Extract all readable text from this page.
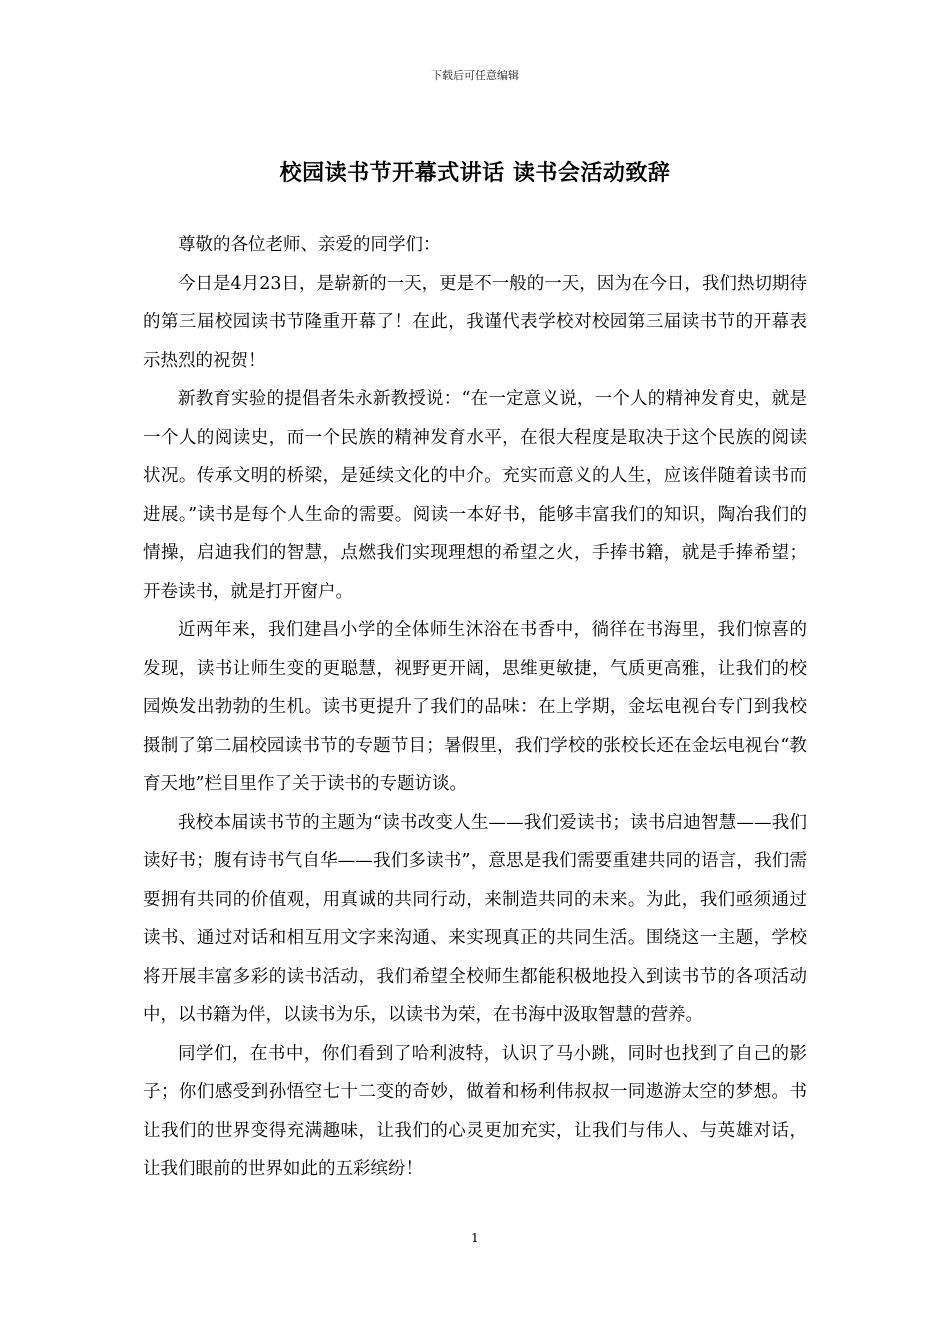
下载后可任意编辑
校园读书节开幕式讲话 读书会活动致辞

尊敬的各位老师、亲爱的同学们：

今日是4月23日，是崭新的一天，更是不一般的一天，因为在今日，我们热切期待的第三届校园读书节隆重开幕了！在此，我谨代表学校对校园第三届读书节的开幕表示热烈的祝贺！

新教育实验的提倡者朱永新教授说：“在一定意义说，一个人的精神发育史，就是一个人的阅读史，而一个民族的精神发育水平，在很大程度是取决于这个民族的阅读状况。传承文明的桥梁，是延续文化的中介。充实而意义的人生，应该伴随着读书而进展。”读书是每个人生命的需要。阅读一本好书，能够丰富我们的知识，陶冶我们的情操，启迪我们的智慧，点燃我们实现理想的希望之火，手捧书籍，就是手捧希望；开卷读书，就是打开窗户。

近两年来，我们建昌小学的全体师生沐浴在书香中，徜徉在书海里，我们惊喜的发现，读书让师生变的更聪慧，视野更开阔，思维更敏捷，气质更高雅，让我们的校园焕发出勃勃的生机。读书更提升了我们的品味：在上学期，金坛电视台专门到我校摄制了第二届校园读书节的专题节目；暑假里，我们学校的张校长还在金坛电视台“教育天地”栏目里作了关于读书的专题访谈。

我校本届读书节的主题为“读书改变人生——我们爱读书；读书启迪智慧——我们读好书；腹有诗书气自华——我们多读书”，意思是我们需要重建共同的语言，我们需要拥有共同的价值观，用真诚的共同行动，来制造共同的未来。为此，我们亟须通过读书、通过对话和相互用文字来沟通、来实现真正的共同生活。围绕这一主题，学校将开展丰富多彩的读书活动，我们希望全校师生都能积极地投入到读书节的各项活动中，以书籍为伴，以读书为乐，以读书为荣，在书海中汲取智慧的营养。

同学们，在书中，你们看到了哈利波特，认识了马小跳，同时也找到了自己的影子；你们感受到孙悟空七十二变的奇妙，做着和杨利伟叔叔一同遨游太空的梦想。书让我们的世界变得充满趣味，让我们的心灵更加充实，让我们与伟人、与英雄对话，让我们眼前的世界如此的五彩缤纷！

1
